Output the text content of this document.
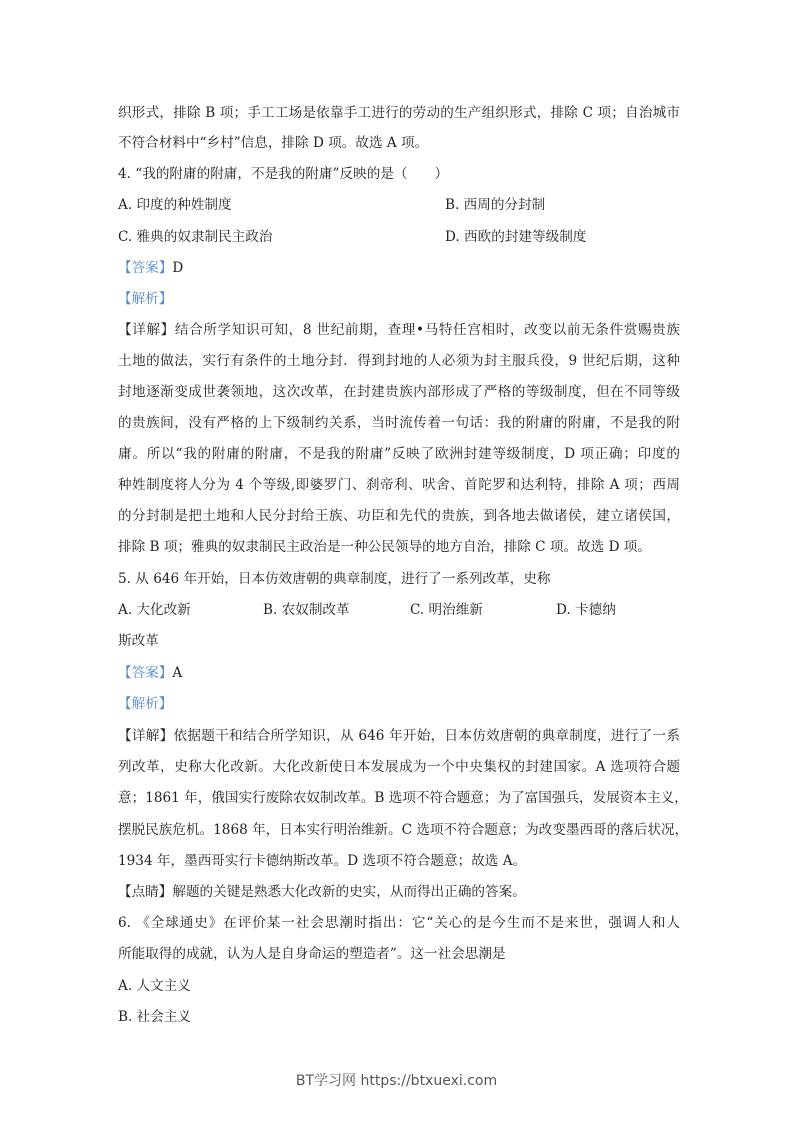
织形式，排除 B 项；手工工场是依靠手工进行的劳动的生产组织形式，排除 C 项；自治城市
不符合材料中“乡村”信息，排除 D 项。故选 A 项。
4. “我的附庸的附庸，不是我的附庸”反映的是（　　）
A. 印度的种姓制度	B. 西周的分封制
C. 雅典的奴隶制民主政治	D. 西欧的封建等级制度
【答案】D
【解析】
【详解】结合所学知识可知，8 世纪前期，查理•马特任宫相时，改变以前无条件赏赐贵族
土地的做法，实行有条件的土地分封．得到封地的人必须为封主服兵役，9 世纪后期，这种
封地逐渐变成世袭领地，这次改革，在封建贵族内部形成了严格的等级制度，但在不同等级
的贵族间，没有严格的上下级制约关系，当时流传着一句话：我的附庸的附庸，不是我的附
庸。所以“我的附庸的附庸，不是我的附庸”反映了欧洲封建等级制度，D 项正确；印度的
种姓制度将人分为 4 个等级,即婆罗门、刹帝利、吠舍、首陀罗和达利特，排除 A 项；西周
的分封制是把土地和人民分封给王族、功臣和先代的贵族，到各地去做诸侯，建立诸侯国，
排除 B 项；雅典的奴隶制民主政治是一种公民领导的地方自治，排除 C 项。故选 D 项。
5. 从 646 年开始，日本仿效唐朝的典章制度，进行了一系列改革，史称
A. 大化改新	B. 农奴制改革	C. 明治维新	D. 卡德纳
斯改革
【答案】A
【解析】
【详解】依据题干和结合所学知识，从 646 年开始，日本仿效唐朝的典章制度，进行了一系
列改革，史称大化改新。大化改新使日本发展成为一个中央集权的封建国家。A 选项符合题
意；1861 年，俄国实行废除农奴制改革。B 选项不符合题意；为了富国强兵，发展资本主义，
摆脱民族危机。1868 年，日本实行明治维新。C 选项不符合题意；为改变墨西哥的落后状况，
1934 年，墨西哥实行卡德纳斯改革。D 选项不符合题意；故选 A。
【点睛】解题的关键是熟悉大化改新的史实，从而得出正确的答案。
6. 《全球通史》在评价某一社会思潮时指出：它“关心的是今生而不是来世，强调人和人
所能取得的成就，认为人是自身命运的塑造者”。这一社会思潮是
A. 人文主义
B. 社会主义
BT学习网 https://btxuexi.com
